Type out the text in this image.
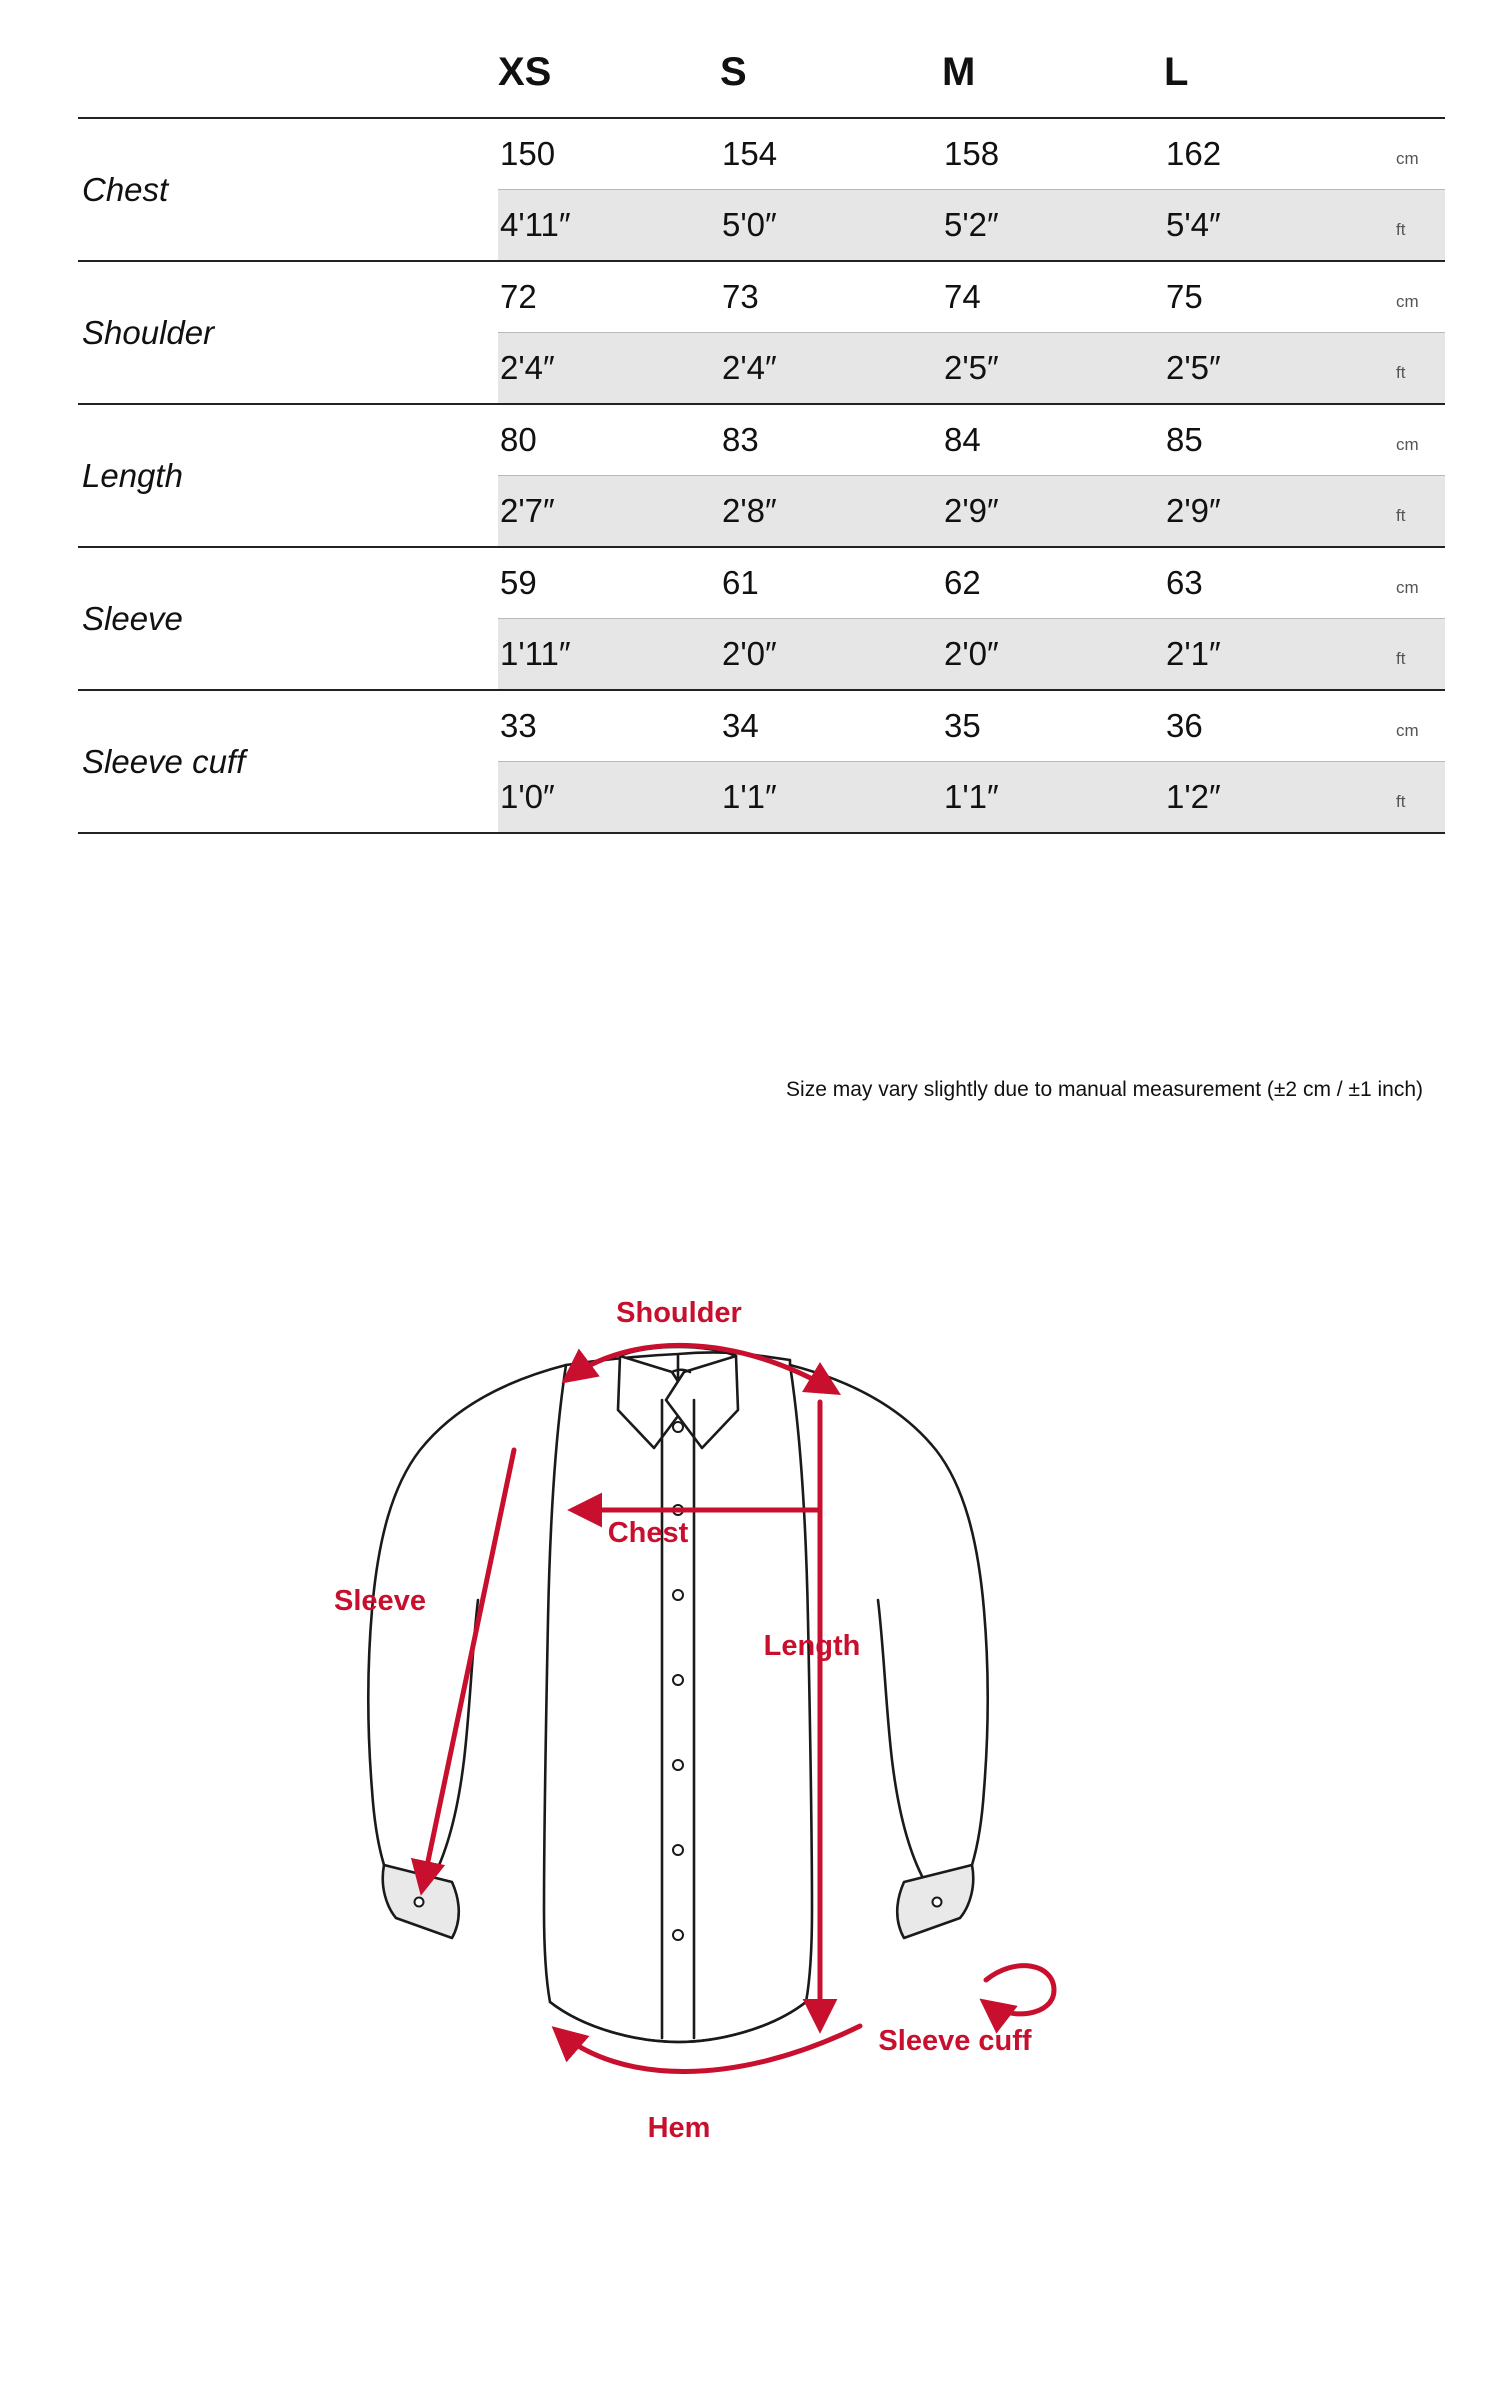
	XS	S	M	L	
Chest	150	154	158	162	cm
	4'11″	5'0″	5'2″	5'4″	ft
Shoulder	72	73	74	75	cm
	2'4″	2'4″	2'5″	2'5″	ft
Length	80	83	84	85	cm
	2'7″	2'8″	2'9″	2'9″	ft
Sleeve	59	61	62	63	cm
	1'11″	2'0″	2'0″	2'1″	ft
Sleeve cuff	33	34	35	36	cm
	1'0″	1'1″	1'1″	1'2″	ft

Size may vary slightly due to manual measurement (±2 cm / ±1 inch)
Shoulder
Chest
Length
Sleeve
Sleeve cuff
Hem
